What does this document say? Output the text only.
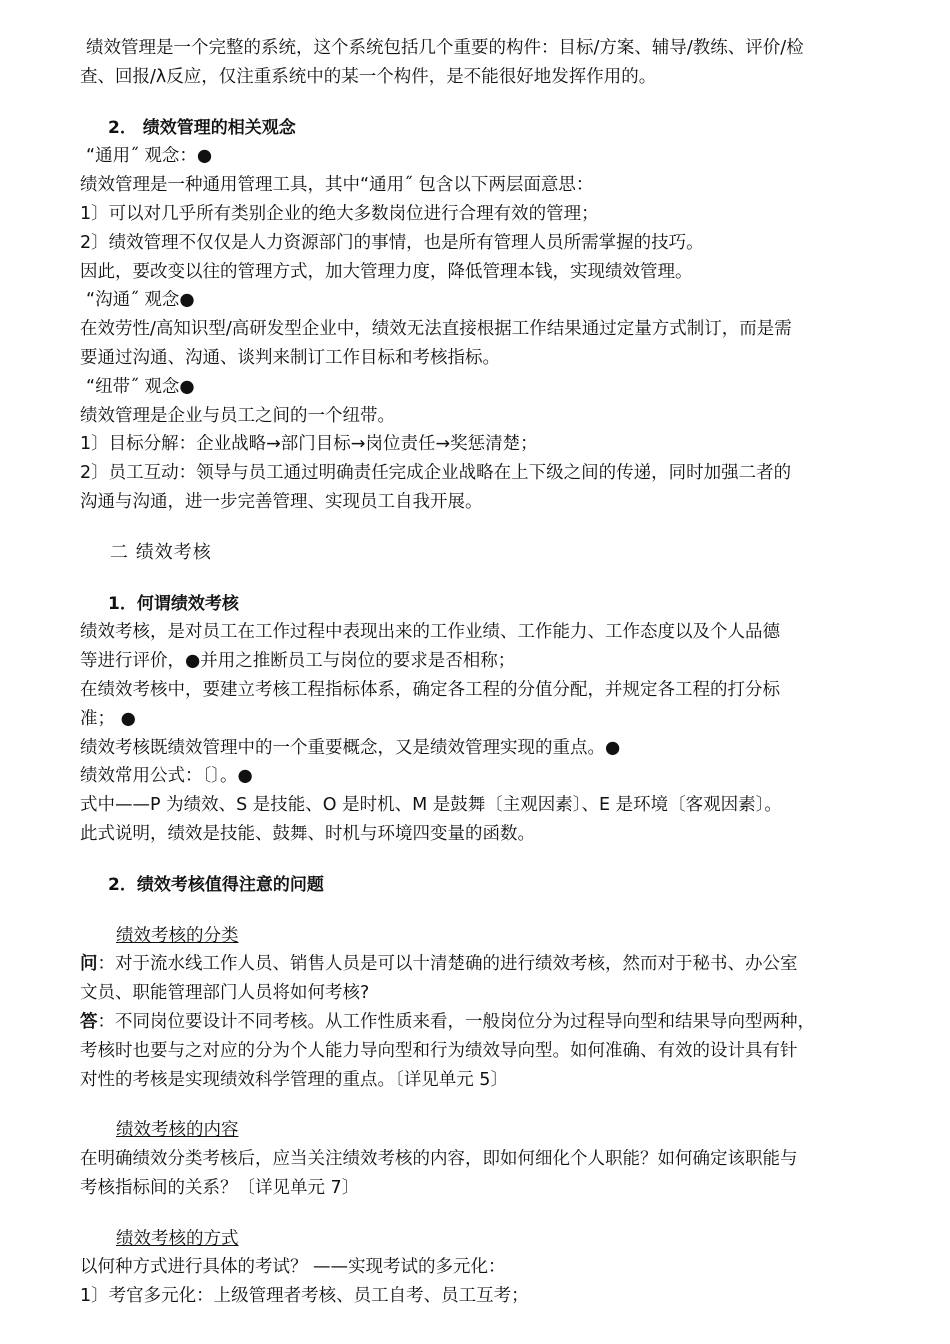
绩效管理是一个完整的系统，这个系统包括几个重要的构件：目标/方案、辅导/教练、评价/检

查、回报/λ反应，仅注重系统中的某一个构件，是不能很好地发挥作用的。

2． 绩效管理的相关观念

“通用˝ 观念：●

绩效管理是一种通用管理工具，其中“通用˝ 包含以下两层面意思：

1〕可以对几乎所有类别企业的绝大多数岗位进行合理有效的管理；

2〕绩效管理不仅仅是人力资源部门的事情，也是所有管理人员所需掌握的技巧。

因此，要改变以往的管理方式，加大管理力度，降低管理本钱，实现绩效管理。

“沟通˝ 观念●

在效劳性/高知识型/高研发型企业中，绩效无法直接根据工作结果通过定量方式制订，而是需

要通过沟通、沟通、谈判来制订工作目标和考核指标。

“纽带˝ 观念●

绩效管理是企业与员工之间的一个纽带。

1〕目标分解：企业战略→部门目标→岗位责任→奖惩清楚；

2〕员工互动：领导与员工通过明确责任完成企业战略在上下级之间的传递，同时加强二者的

沟通与沟通，进一步完善管理、实现员工自我开展。

二 绩效考核

1．何谓绩效考核

绩效考核，是对员工在工作过程中表现出来的工作业绩、工作能力、工作态度以及个人品德

等进行评价，●并用之推断员工与岗位的要求是否相称；

在绩效考核中，要建立考核工程指标体系，确定各工程的分值分配，并规定各工程的打分标

准； ●

绩效考核既绩效管理中的一个重要概念，又是绩效管理实现的重点。●

绩效常用公式：〔〕。●

式中——P 为绩效、S 是技能、O 是时机、M 是鼓舞〔主观因素〕、E 是环境〔客观因素〕。

此式说明，绩效是技能、鼓舞、时机与环境四变量的函数。

2．绩效考核值得注意的问题

绩效考核的分类

问：对于流水线工作人员、销售人员是可以十清楚确的进行绩效考核，然而对于秘书、办公室

文员、职能管理部门人员将如何考核?

答：不同岗位要设计不同考核。从工作性质来看，一般岗位分为过程导向型和结果导向型两种，

考核时也要与之对应的分为个人能力导向型和行为绩效导向型。如何准确、有效的设计具有针

对性的考核是实现绩效科学管理的重点。〔详见单元 5〕

绩效考核的内容

在明确绩效分类考核后，应当关注绩效考核的内容，即如何细化个人职能？如何确定该职能与

考核指标间的关系？〔详见单元 7〕

绩效考核的方式

以何种方式进行具体的考试？ ——实现考试的多元化：

1〕考官多元化：上级管理者考核、员工自考、员工互考；
